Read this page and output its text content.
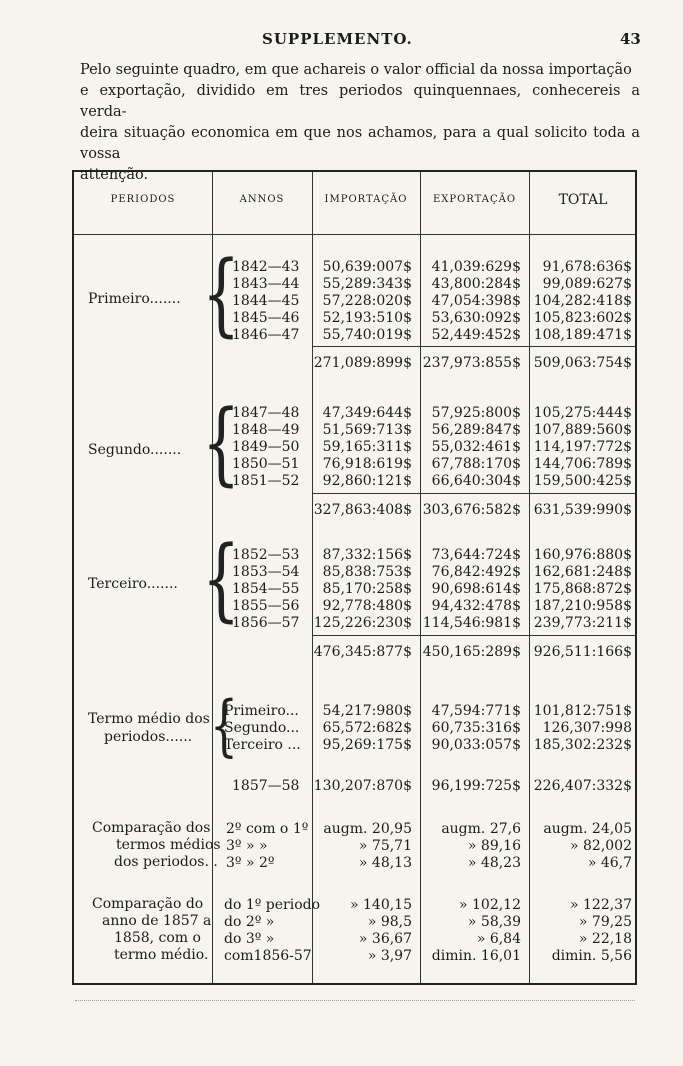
SUPPLEMENTO.	43

Pelo seguinte quadro, em que achareis o valor official da nossa importação

e exportação, dividido em tres periodos quinquennaes, conhecereis a verda-

deira situação economica em que nos achamos, para a qual solicito toda a vossa

attenção.

PERIODOS	ANNOS	IMPORTAÇÃO	EXPORTAÇÃO	TOTAL
Primeiro....... {
1842—43	50,639:007$	41,039:629$	91,678:636$
1843—44	55,289:343$	43,800:284$	99,089:627$
1844—45	57,228:020$	47,054:398$ 104,282:418$
1845—46	52,193:510$	53,630:092$ 105,823:602$
1846—47	55,740:019$	52,449:452$ 108,189:471$
271,089:899$ 237,973:855$ 509,063:754$
Segundo....... {
1847—48	47,349:644$	57,925:800$ 105,275:444$
1848—49	51,569:713$	56,289:847$ 107,889:560$
1849—50	59,165:311$	55,032:461$ 114,197:772$
1850—51	76,918:619$	67,788:170$ 144,706:789$
1851—52	92,860:121$	66,640:304$ 159,500:425$
327,863:408$ 303,676:582$ 631,539:990$
Terceiro....... {
1852—53	87,332:156$	73,644:724$ 160,976:880$
1853—54	85,838:753$	76,842:492$ 162,681:248$
1854—55	85,170:258$	90,698:614$ 175,868:872$
1855—56	92,778:480$	94,432:478$ 187,210:958$
1856—57 125,226:230$ 114,546:981$ 239,773:211$
476,345:877$ 450,165:289$ 926,511:166$
Termo médio dos
periodos...... {
Primeiro...	54,217:980$	47,594:771$ 101,812:751$
Segundo...	65,572:682$	60,735:316$	126,307:998
Terceiro ...	95,269:175$	90,033:057$ 185,302:232$
1857—58 130,207:870$	96,199:725$ 226,407:332$
Comparação dos
termos médios
dos periodos. .
2º com o 1º	augm. 20,95	augm. 27,6	augm. 24,05
3º » »	» 75,71	» 89,16	» 82,002
3º » 2º	» 48,13	» 48,23	» 46,7
Comparação do
anno de 1857 a
1858, com o
termo médio.
do 1º periodo	» 140,15	» 102,12	» 122,37
do 2º »	» 98,5	» 58,39	» 79,25
do 3º »	» 36,67	» 6,84	» 22,18
com1856-57	» 3,97	dimin. 16,01	dimin. 5,56
